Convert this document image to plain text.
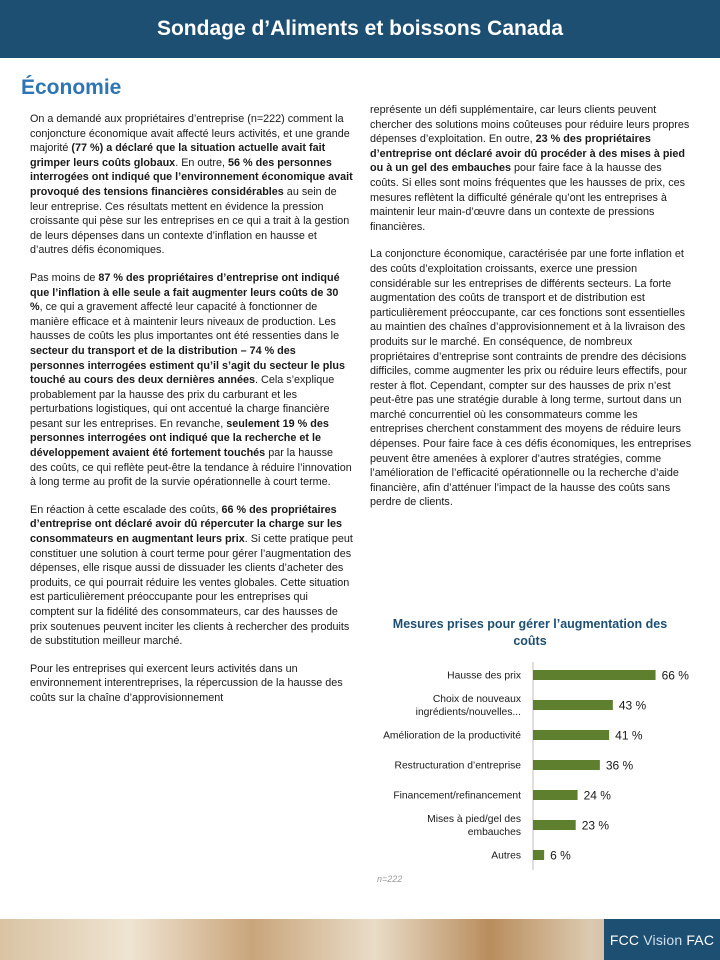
Sondage d’Aliments et boissons Canada
Économie

On a demandé aux propriétaires d’entreprise (n=222) comment la conjoncture économique avait affecté leurs activités, et une grande majorité (77 %) a déclaré que la situation actuelle avait fait grimper leurs coûts globaux. En outre, 56 % des personnes interrogées ont indiqué que l’environnement économique avait provoqué des tensions financières considérables au sein de leur entreprise. Ces résultats mettent en évidence la pression croissante qui pèse sur les entreprises en ce qui a trait à la gestion de leurs dépenses dans un contexte d’inflation en hausse et d’autres défis économiques.

Pas moins de 87 % des propriétaires d’entreprise ont indiqué que l’inflation à elle seule a fait augmenter leurs coûts de 30 %, ce qui a gravement affecté leur capacité à fonctionner de manière efficace et à maintenir leurs niveaux de production. Les hausses de coûts les plus importantes ont été ressenties dans le secteur du transport et de la distribution – 74 % des personnes interrogées estiment qu’il s’agit du secteur le plus touché au cours des deux dernières années. Cela s’explique probablement par la hausse des prix du carburant et les perturbations logistiques, qui ont accentué la charge financière pesant sur les entreprises. En revanche, seulement 19 % des personnes interrogées ont indiqué que la recherche et le développement avaient été fortement touchés par la hausse des coûts, ce qui reflète peut-être la tendance à réduire l’innovation à long terme au profit de la survie opérationnelle à court terme.

En réaction à cette escalade des coûts, 66 % des propriétaires d’entreprise ont déclaré avoir dû répercuter la charge sur les consommateurs en augmentant leurs prix. Si cette pratique peut constituer une solution à court terme pour gérer l’augmentation des dépenses, elle risque aussi de dissuader les clients d’acheter des produits, ce qui pourrait réduire les ventes globales. Cette situation est particulièrement préoccupante pour les entreprises qui comptent sur la fidélité des consommateurs, car des hausses de prix soutenues peuvent inciter les clients à rechercher des produits de substitution meilleur marché.

Pour les entreprises qui exercent leurs activités dans un environnement interentreprises, la répercussion de la hausse des coûts sur la chaîne d’approvisionnement

représente un défi supplémentaire, car leurs clients peuvent chercher des solutions moins coûteuses pour réduire leurs propres dépenses d’exploitation. En outre, 23 % des propriétaires d’entreprise ont déclaré avoir dû procéder à des mises à pied ou à un gel des embauches pour faire face à la hausse des coûts. Si elles sont moins fréquentes que les hausses de prix, ces mesures reflètent la difficulté générale qu’ont les entreprises à maintenir leur main-d’œuvre dans un contexte de pressions financières.

La conjoncture économique, caractérisée par une forte inflation et des coûts d’exploitation croissants, exerce une pression considérable sur les entreprises de différents secteurs. La forte augmentation des coûts de transport et de distribution est particulièrement préoccupante, car ces fonctions sont essentielles au maintien des chaînes d’approvisionnement et à la livraison des produits sur le marché. En conséquence, de nombreux propriétaires d’entreprise sont contraints de prendre des décisions difficiles, comme augmenter les prix ou réduire leurs effectifs, pour rester à flot. Cependant, compter sur des hausses de prix n’est peut-être pas une stratégie durable à long terme, surtout dans un marché concurrentiel où les consommateurs comme les entreprises cherchent constamment des moyens de réduire leurs dépenses. Pour faire face à ces défis économiques, les entreprises peuvent être amenées à explorer d’autres stratégies, comme l’amélioration de l’efficacité opérationnelle ou la recherche d’aide financière, afin d’atténuer l’impact de la hausse des coûts sans perdre de clients.

Mesures prises pour gérer l’augmentation des coûts
66 %
Hausse des prix
43 %
Choix de nouveaux
ingrédients/nouvelles...
41 %
Amélioration de la productivité
36 %
Restructuration d’entreprise
24 %
Financement/refinancement
23 %
Mises à pied/gel des
embauches
6 %
Autres
n=222
FCC Vision FAC
